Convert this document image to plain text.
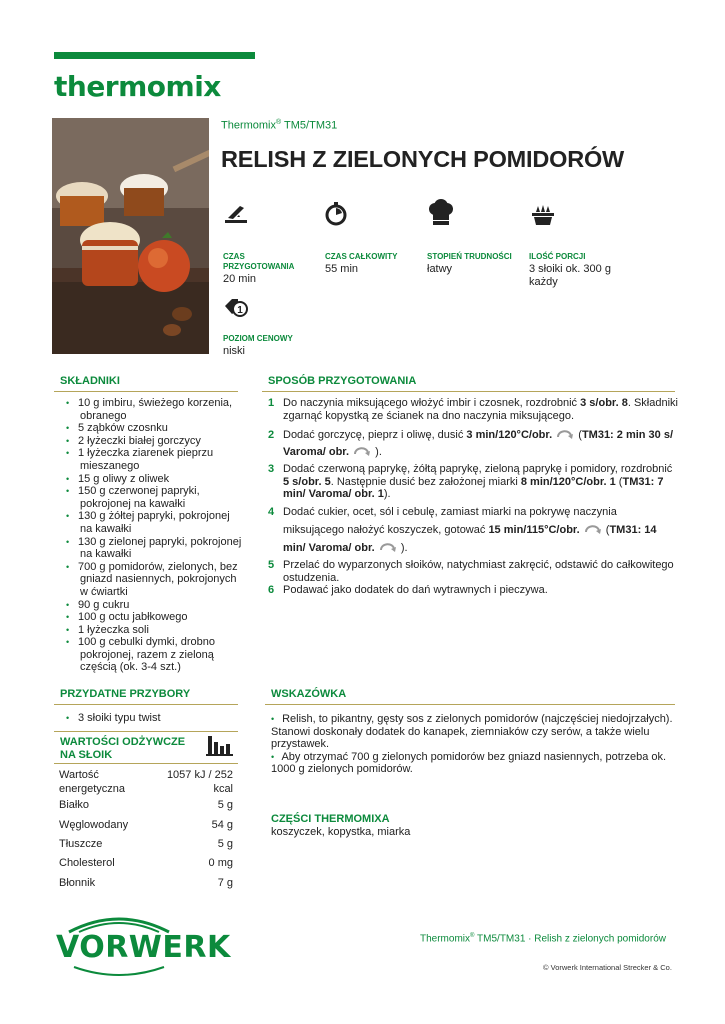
thermomix
Thermomix® TM5/TM31
RELISH Z ZIELONYCH POMIDORÓW
1
CZAS PRZYGOTOWANIA
20 min
CZAS CAŁKOWITY
55 min
STOPIEŃ TRUDNOŚCI
łatwy
ILOŚĆ PORCJI
3 słoiki ok. 300 g każdy
POZIOM CENOWY
niski
SKŁADNIKI
• 10 g imbiru, świeżego korzenia, obranego
• 5 ząbków czosnku
• 2 łyżeczki białej gorczycy
• 1 łyżeczka ziarenek pieprzu mieszanego
• 15 g oliwy z oliwek
• 150 g czerwonej papryki, pokrojonej na kawałki
• 130 g żółtej papryki, pokrojonej na kawałki
• 130 g zielonej papryki, pokrojonej na kawałki
• 700 g pomidorów, zielonych, bez gniazd nasiennych, pokrojonych w ćwiartki
• 90 g cukru
• 100 g octu jabłkowego
• 1 łyżeczka soli
• 100 g cebulki dymki, drobno pokrojonej, razem z zieloną częścią (ok. 3-4 szt.)
SPOSÓB PRZYGOTOWANIA
1 Do naczynia miksującego włożyć imbir i czosnek, rozdrobnić 3 s/obr. 8. Składniki zgarnąć kopystką ze ścianek na dno naczynia miksującego.
2 Dodać gorczycę, pieprz i oliwę, dusić 3 min/120°C/obr.  (TM31: 2 min 30 s/ Varoma/ obr.  ).
3 Dodać czerwoną paprykę, żółtą paprykę, zieloną paprykę i pomidory, rozdrobnić 5 s/obr. 5. Następnie dusić bez założonej miarki 8 min/120°C/obr. 1 (TM31: 7 min/ Varoma/ obr. 1).
4 Dodać cukier, ocet, sól i cebulę, zamiast miarki na pokrywę naczynia miksującego nałożyć koszyczek, gotować 15 min/115°C/obr.  (TM31: 14 min/ Varoma/ obr.  ).
5 Przelać do wyparzonych słoików, natychmiast zakręcić, odstawić do całkowitego ostudzenia.
6 Podawać jako dodatek do dań wytrawnych i pieczywa.
PRZYDATNE PRZYBORY
• 3 słoiki typu twist
WARTOŚCI ODŻYWCZE
NA SŁOIK
Wartość energetyczna
1057 kJ / 252 kcal
Białko	5 g
Węglowodany	54 g
Tłuszcze	5 g
Cholesterol	0 mg
Błonnik	7 g
WSKAZÓWKA
• Relish, to pikantny, gęsty sos z zielonych pomidorów (najczęściej niedojrzałych). Stanowi doskonały dodatek do kanapek, ziemniaków czy serów, a także wielu przystawek.
• Aby otrzymać 700 g zielonych pomidorów bez gniazd nasiennych, potrzeba ok. 1000 g zielonych pomidorów.
CZĘŚCI THERMOMIXA
koszyczek, kopystka, miarka
VORWERK	Thermomix® TM5/TM31 · Relish z zielonych pomidorów
© Vorwerk International Strecker & Co.
